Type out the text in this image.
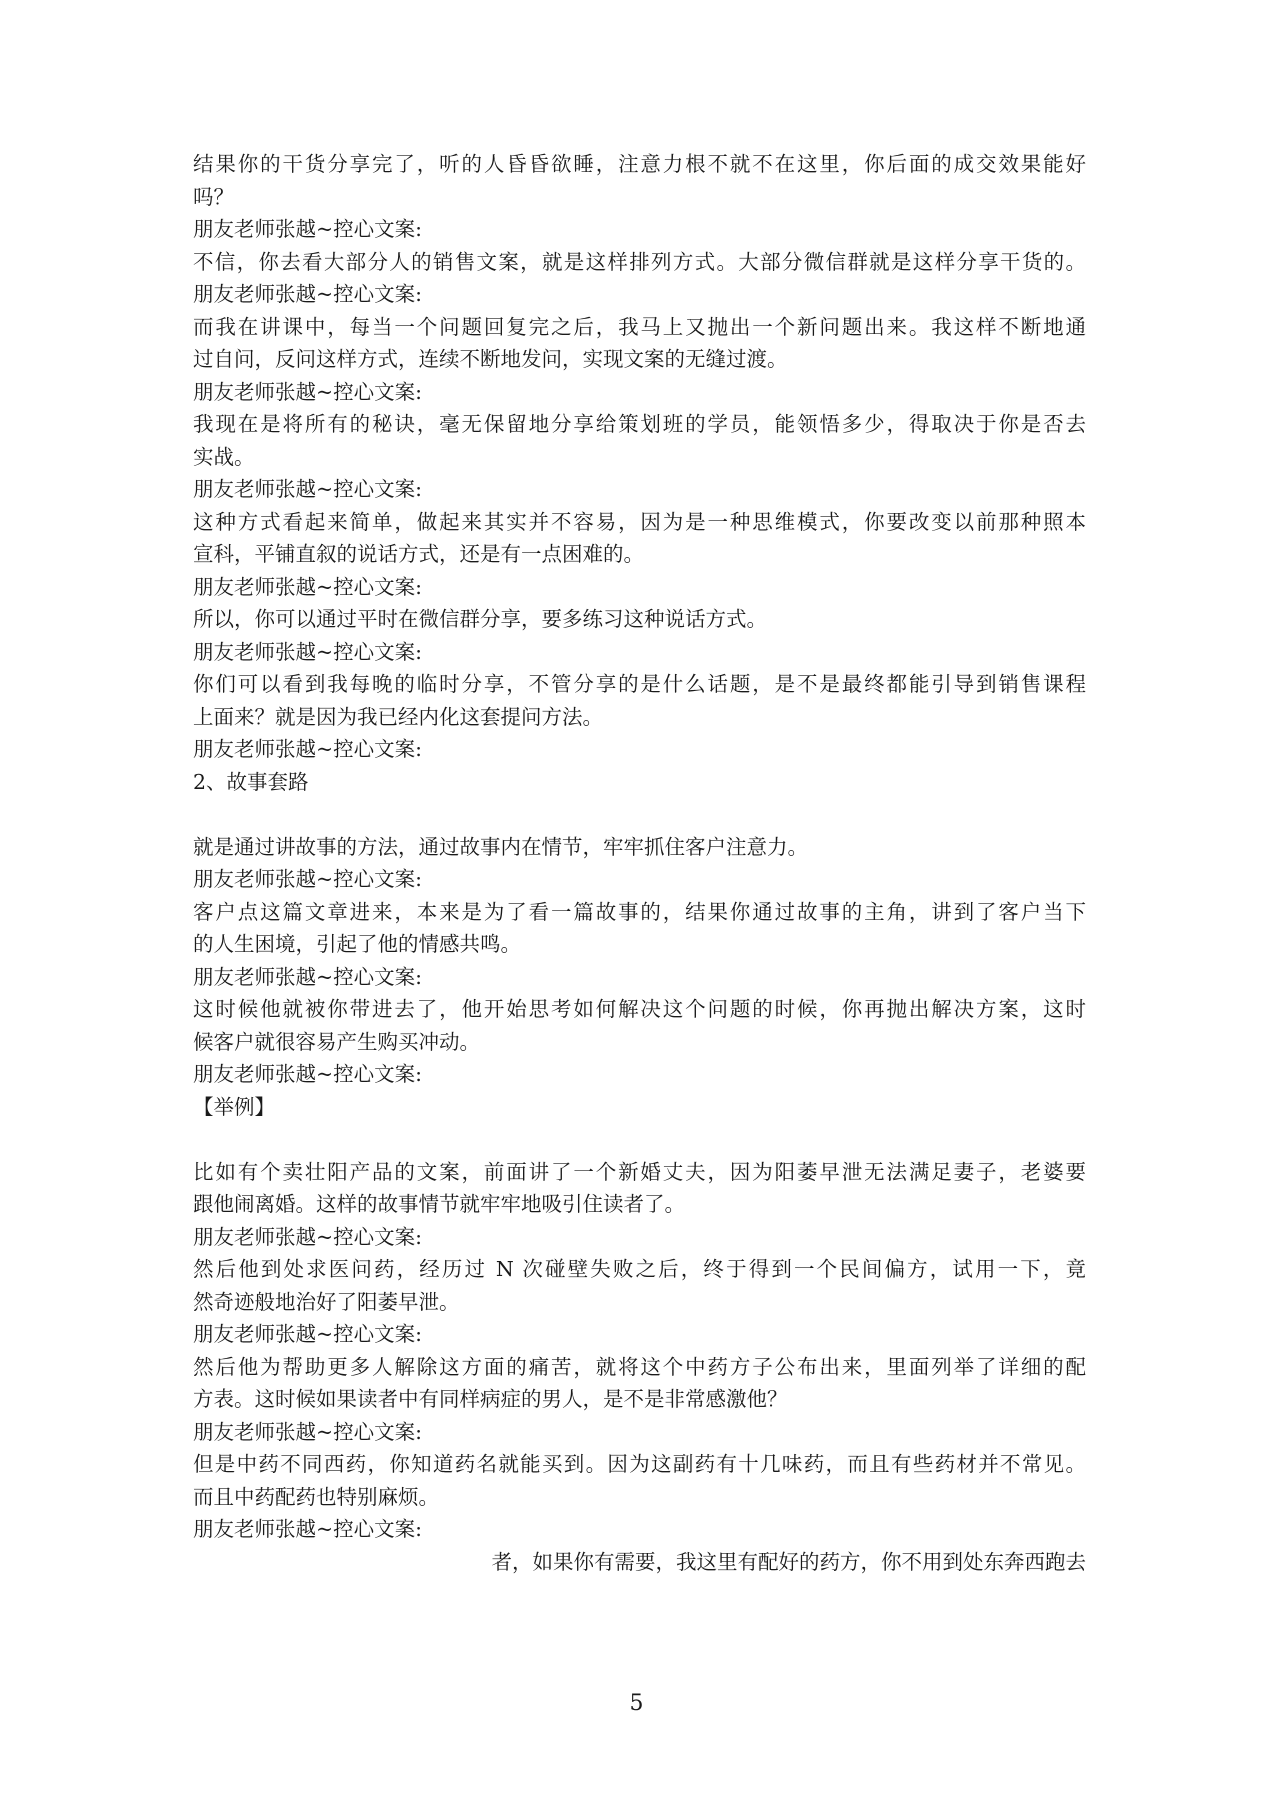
结果你的干货分享完了，听的人昏昏欲睡，注意力根不就不在这里，你后面的成交效果能好
吗？
朋友老师张越~控心文案:
不信，你去看大部分人的销售文案，就是这样排列方式。大部分微信群就是这样分享干货的。
朋友老师张越~控心文案:
而我在讲课中，每当一个问题回复完之后，我马上又抛出一个新问题出来。我这样不断地通
过自问，反问这样方式，连续不断地发问，实现文案的无缝过渡。
朋友老师张越~控心文案:
我现在是将所有的秘诀，毫无保留地分享给策划班的学员，能领悟多少，得取决于你是否去
实战。
朋友老师张越~控心文案:
这种方式看起来简单，做起来其实并不容易，因为是一种思维模式，你要改变以前那种照本
宣科，平铺直叙的说话方式，还是有一点困难的。
朋友老师张越~控心文案:
所以，你可以通过平时在微信群分享，要多练习这种说话方式。
朋友老师张越~控心文案:
你们可以看到我每晚的临时分享，不管分享的是什么话题，是不是最终都能引导到销售课程
上面来？就是因为我已经内化这套提问方法。
朋友老师张越~控心文案:
2、故事套路
就是通过讲故事的方法，通过故事内在情节，牢牢抓住客户注意力。
朋友老师张越~控心文案:
客户点这篇文章进来，本来是为了看一篇故事的，结果你通过故事的主角，讲到了客户当下
的人生困境，引起了他的情感共鸣。
朋友老师张越~控心文案:
这时候他就被你带进去了，他开始思考如何解决这个问题的时候，你再抛出解决方案，这时
候客户就很容易产生购买冲动。
朋友老师张越~控心文案:
【举例】
比如有个卖壮阳产品的文案，前面讲了一个新婚丈夫，因为阳萎早泄无法满足妻子，老婆要
跟他闹离婚。这样的故事情节就牢牢地吸引住读者了。
朋友老师张越~控心文案:
然后他到处求医问药，经历过 N 次碰壁失败之后，终于得到一个民间偏方，试用一下，竟
然奇迹般地治好了阳萎早泄。
朋友老师张越~控心文案:
然后他为帮助更多人解除这方面的痛苦，就将这个中药方子公布出来，里面列举了详细的配
方表。这时候如果读者中有同样病症的男人，是不是非常感激他？
朋友老师张越~控心文案:
但是中药不同西药，你知道药名就能买到。因为这副药有十几味药，而且有些药材并不常见。
而且中药配药也特别麻烦。
朋友老师张越~控心文案:
者，如果你有需要，我这里有配好的药方，你不用到处东奔西跑去
5
